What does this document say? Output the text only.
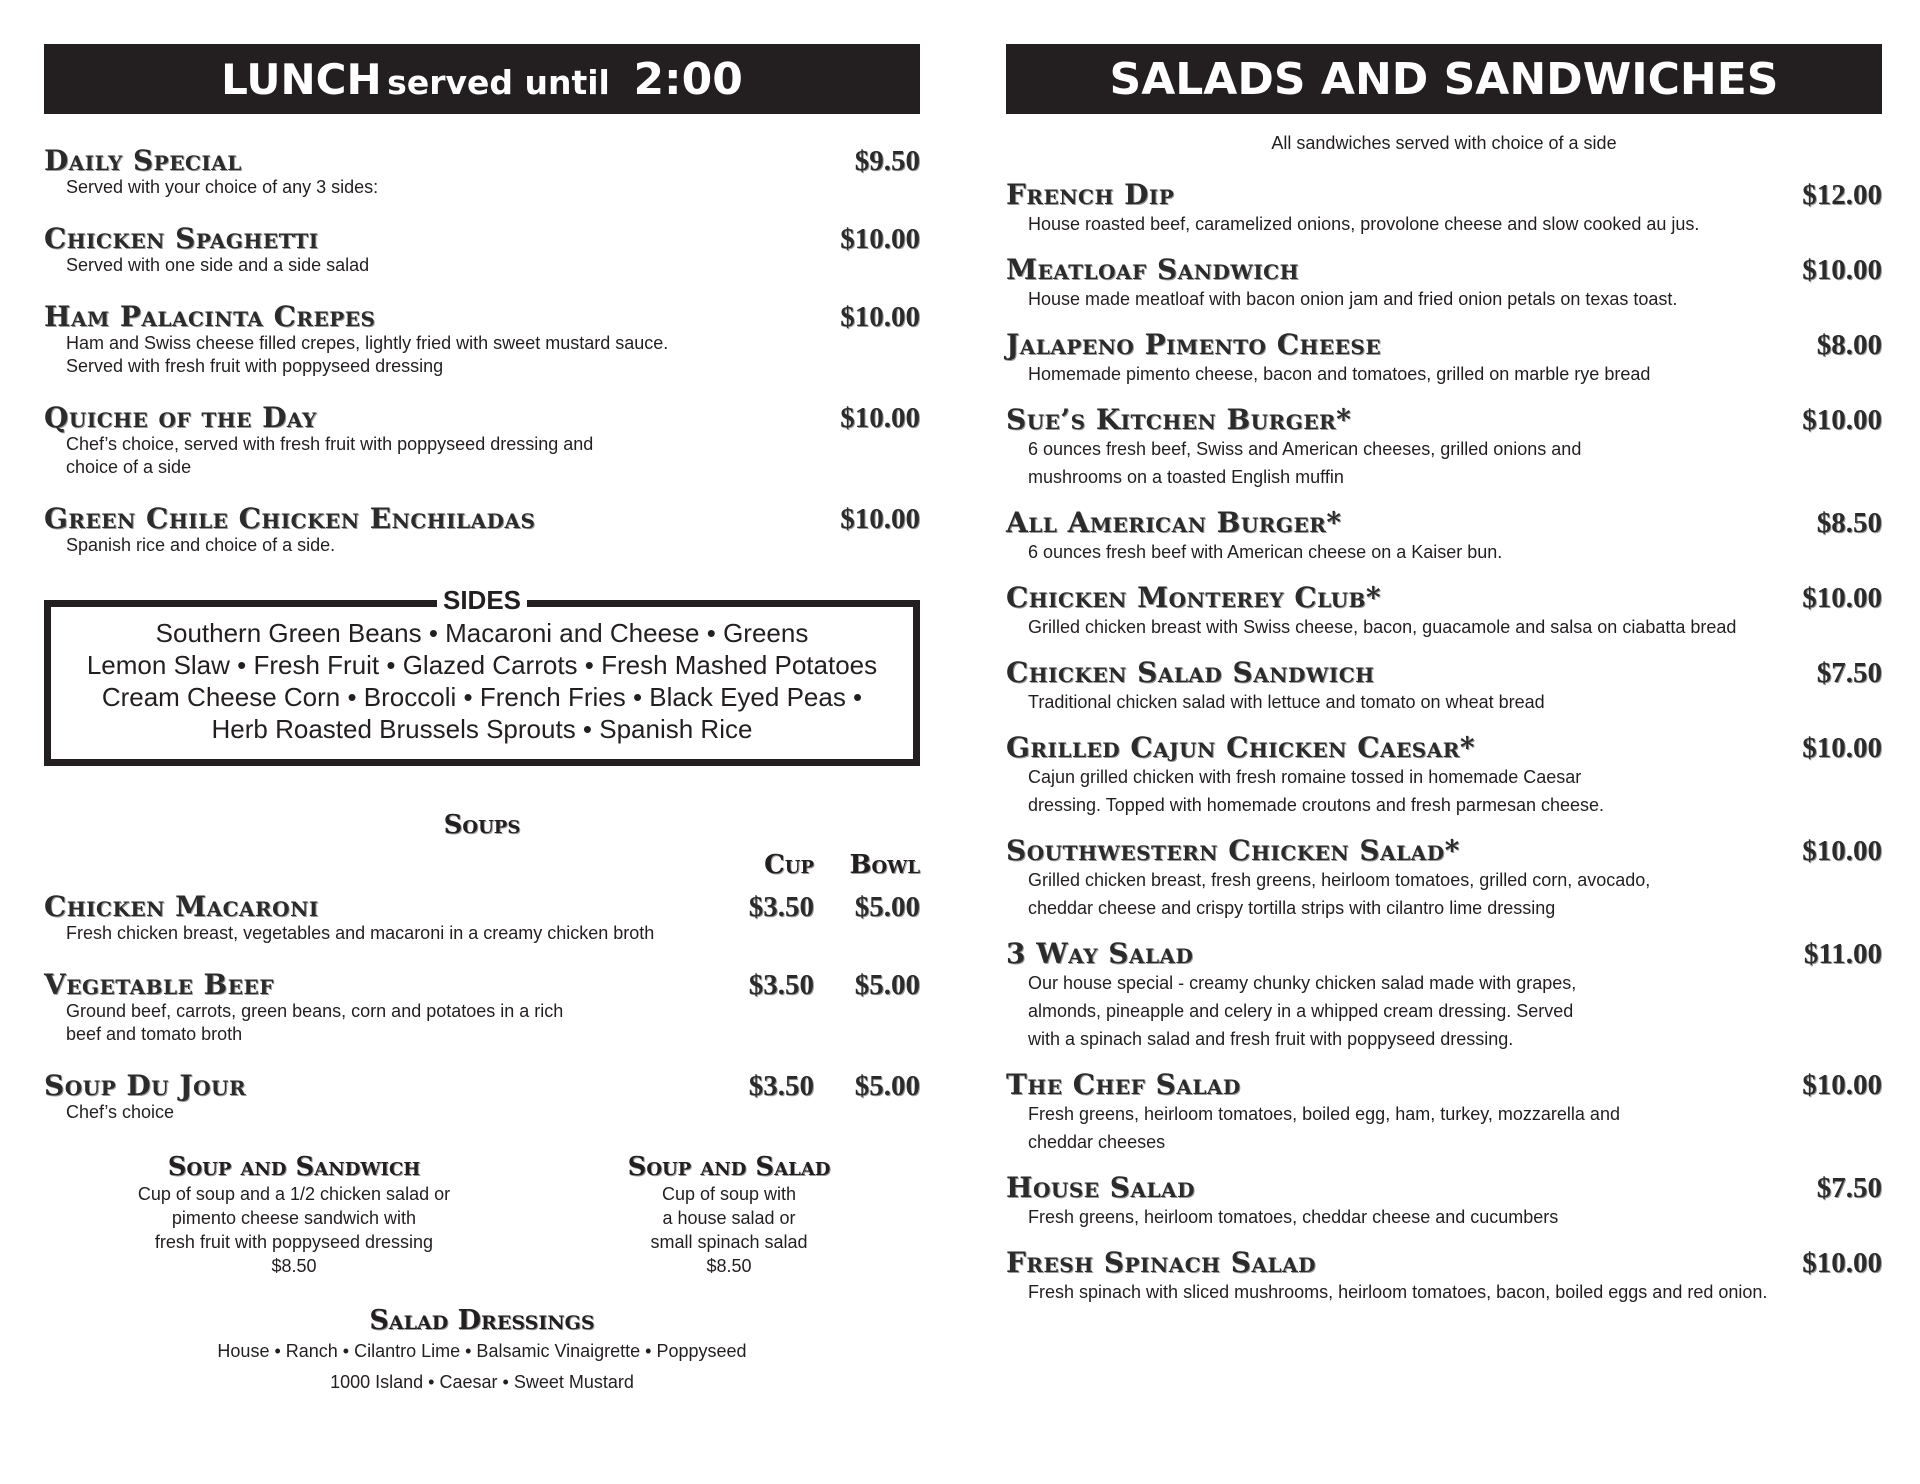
LUNCH served until 2:00
Daily Special	$9.50
Served with your choice of any 3 sides:
Chicken Spaghetti	$10.00
Served with one side and a side salad
Ham Palacinta Crepes	$10.00
Ham and Swiss cheese filled crepes, lightly fried with sweet mustard sauce.
Served with fresh fruit with poppyseed dressing
Quiche of the Day	$10.00
Chef’s choice, served with fresh fruit with poppyseed dressing and
choice of a side
Green Chile Chicken Enchiladas	$10.00
Spanish rice and choice of a side.
Southern Green Beans • Macaroni and Cheese • Greens
Lemon Slaw • Fresh Fruit • Glazed Carrots • Fresh Mashed Potatoes
Cream Cheese Corn • Broccoli • French Fries • Black Eyed Peas •
Herb Roasted Brussels Sprouts • Spanish Rice
SIDES
Soups
Cup Bowl
Chicken Macaroni	$3.50 $5.00
Fresh chicken breast, vegetables and macaroni in a creamy chicken broth
Vegetable Beef	$3.50 $5.00
Ground beef, carrots, green beans, corn and potatoes in a rich
beef and tomato broth
Soup Du Jour	$3.50 $5.00
Chef’s choice
Soup and Sandwich
Cup of soup and a 1/2 chicken salad or
pimento cheese sandwich with
fresh fruit with poppyseed dressing
$8.50
Soup and Salad
Cup of soup with
a house salad or
small spinach salad
$8.50
Salad Dressings
House • Ranch • Cilantro Lime • Balsamic Vinaigrette • Poppyseed
1000 Island • Caesar • Sweet Mustard
SALADS AND SANDWICHES
All sandwiches served with choice of a side
French Dip	$12.00
House roasted beef, caramelized onions, provolone cheese and slow cooked au jus.
Meatloaf Sandwich	$10.00
House made meatloaf with bacon onion jam and fried onion petals on texas toast.
Jalapeno Pimento Cheese	$8.00
Homemade pimento cheese, bacon and tomatoes, grilled on marble rye bread
Sue’s Kitchen Burger*	$10.00
6 ounces fresh beef, Swiss and American cheeses, grilled onions and
mushrooms on a toasted English muffin
All American Burger*	$8.50
6 ounces fresh beef with American cheese on a Kaiser bun.
Chicken Monterey Club*	$10.00
Grilled chicken breast with Swiss cheese, bacon, guacamole and salsa on ciabatta bread
Chicken Salad Sandwich	$7.50
Traditional chicken salad with lettuce and tomato on wheat bread
Grilled Cajun Chicken Caesar*	$10.00
Cajun grilled chicken with fresh romaine tossed in homemade Caesar
dressing. Topped with homemade croutons and fresh parmesan cheese.
Southwestern Chicken Salad*	$10.00
Grilled chicken breast, fresh greens, heirloom tomatoes, grilled corn, avocado,
cheddar cheese and crispy tortilla strips with cilantro lime dressing
3 Way Salad	$11.00
Our house special - creamy chunky chicken salad made with grapes,
almonds, pineapple and celery in a whipped cream dressing. Served
with a spinach salad and fresh fruit with poppyseed dressing.
The Chef Salad	$10.00
Fresh greens, heirloom tomatoes, boiled egg, ham, turkey, mozzarella and
cheddar cheeses
House Salad	$7.50
Fresh greens, heirloom tomatoes, cheddar cheese and cucumbers
Fresh Spinach Salad	$10.00
Fresh spinach with sliced mushrooms, heirloom tomatoes, bacon, boiled eggs and red onion.
